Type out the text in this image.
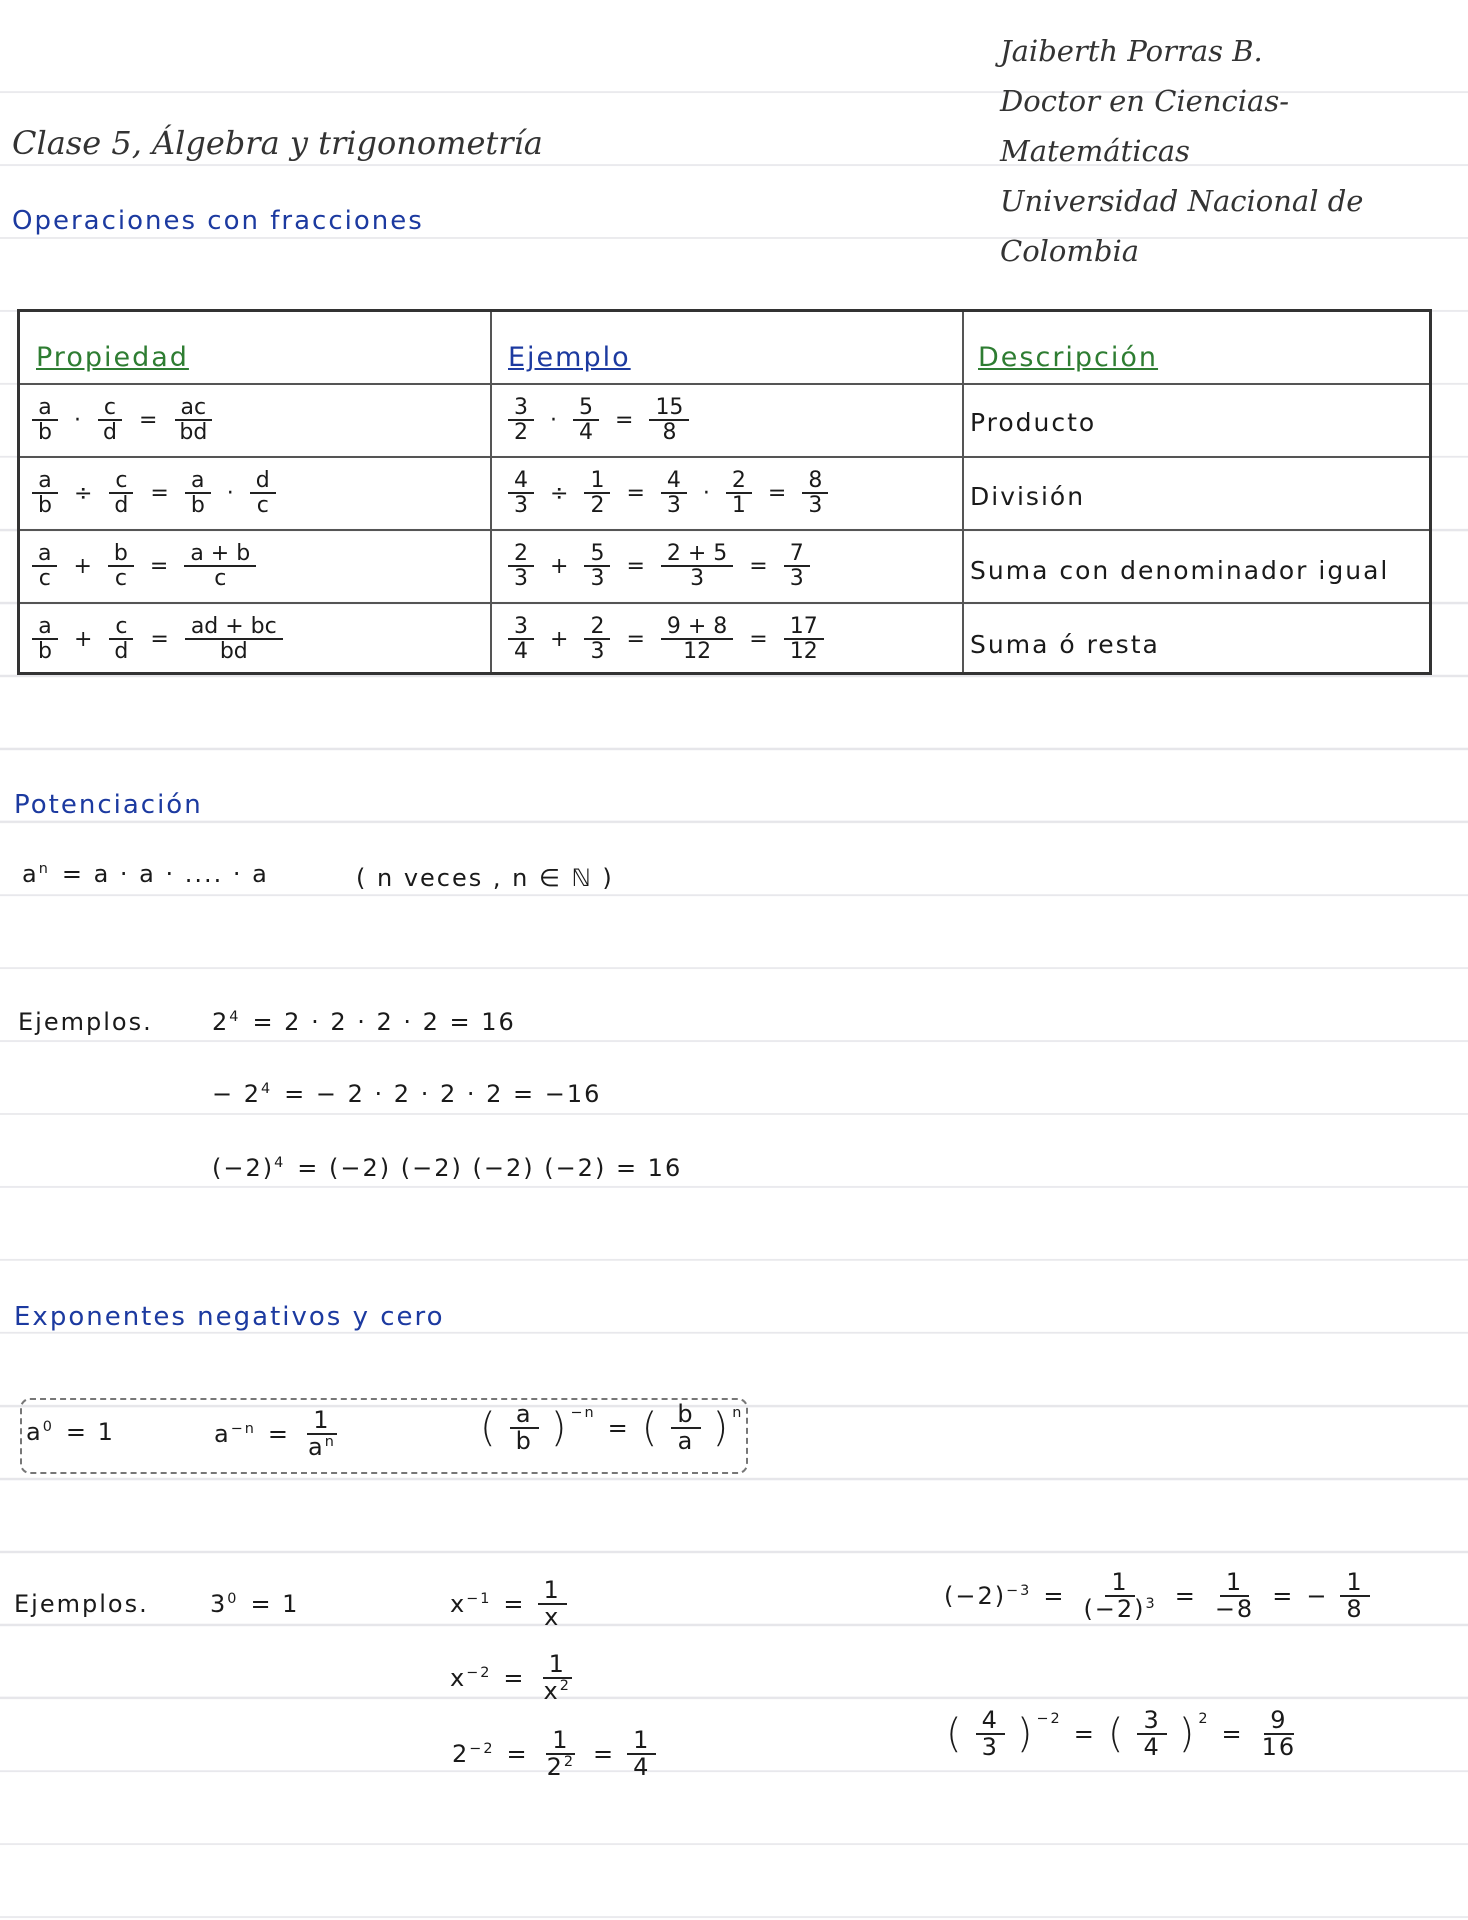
Clase 5, Álgebra y trigonometría
Jaiberth Porras B.
Doctor en Ciencias- Matemáticas
Universidad Nacional de Colombia
Operaciones con fracciones
Propiedad	Ejemplo	Descripción
$\frac{a}{b} \cdot \frac{c}{d} = \frac{ac}{bd}$	$\frac{3}{2} \cdot \frac{5}{4} = \frac{15}{8}$	Producto
$\frac{a}{b} \div \frac{c}{d} = \frac{a}{b} \cdot \frac{d}{c}$	$\frac{4}{3} \div \frac{1}{2} = \frac{4}{3} \cdot \frac{2}{1} = \frac{8}{3}$	División
$\frac{a}{c} + \frac{b}{c} = \frac{a + b}{c}$	$\frac{2}{3} + \frac{5}{3} = \frac{2 + 5}{3} = \frac{7}{3}$	Suma con denominador igual
$\frac{a}{b} + \frac{c}{d} = \frac{ad + bc}{bd}$	$\frac{3}{4} + \frac{2}{3} = \frac{9 + 8}{12} = \frac{17}{12}$	Suma ó resta
Potenciación
$a^n = a \cdot a$ · .... · a	( n veces , n ∈ ℕ )
Ejemplos. $2^4 = 2 \cdot 2 \cdot 2 \cdot 2 = 16$
− $2^4$ = − 2 · 2 · 2 · 2 = −16
$(-2)^4 = (-2)$ (−2) (−2) (−2) = 16
Exponentes negativos y cero
$a^0 = 1$	$a^{-n} = \frac{1}{a^n}$	( $\frac{a}{b} )^{-n}$
= ( $\frac{b}{a} )^n$
Ejemplos.	$3^0 = 1$	$x^{-1} = \frac{1}{x}$
$x^{-2} = \frac{1}{x^2}$
$2^{-2} = \frac{1}{2^2} = \frac{1}{4}$
$(-2)^{-3} = \frac{1}{(-2)^3} = \frac{1}{-8}$ = − $\frac{1}{8}$
( $\frac{4}{3} )^{-2}$
= ( $\frac{3}{4} )^2$
= $\frac{9}{16}$
